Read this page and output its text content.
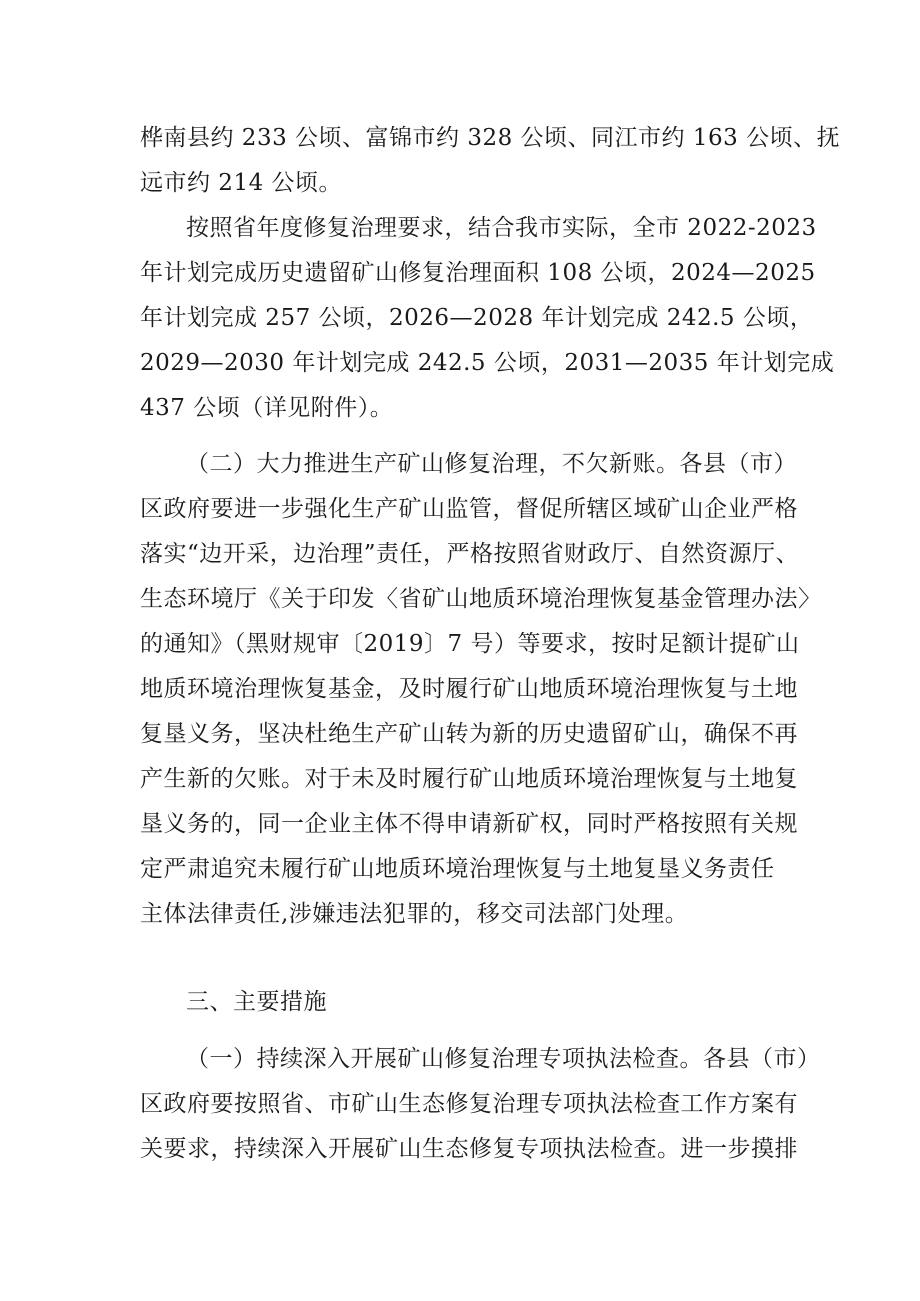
桦南县约 233 公顷、富锦市约 328 公顷、同江市约 163 公顷、抚
远市约 214 公顷。
按照省年度修复治理要求，结合我市实际，全市 2022-2023
年计划完成历史遗留矿山修复治理面积 108 公顷，2024—2025
年计划完成 257 公顷，2026—2028 年计划完成 242.5 公顷，
2029—2030 年计划完成 242.5 公顷，2031—2035 年计划完成
437 公顷（详见附件）。
（二）大力推进生产矿山修复治理，不欠新账。各县（市）
区政府要进一步强化生产矿山监管，督促所辖区域矿山企业严格
落实“边开采，边治理”责任，严格按照省财政厅、自然资源厅、
生态环境厅《关于印发〈省矿山地质环境治理恢复基金管理办法〉
的通知》（黑财规审〔2019〕7 号）等要求，按时足额计提矿山
地质环境治理恢复基金，及时履行矿山地质环境治理恢复与土地
复垦义务，坚决杜绝生产矿山转为新的历史遗留矿山，确保不再
产生新的欠账。对于未及时履行矿山地质环境治理恢复与土地复
垦义务的，同一企业主体不得申请新矿权，同时严格按照有关规
定严肃追究未履行矿山地质环境治理恢复与土地复垦义务责任
主体法律责任,涉嫌违法犯罪的，移交司法部门处理。
三、主要措施
（一）持续深入开展矿山修复治理专项执法检查。各县（市）
区政府要按照省、市矿山生态修复治理专项执法检查工作方案有
关要求，持续深入开展矿山生态修复专项执法检查。进一步摸排
